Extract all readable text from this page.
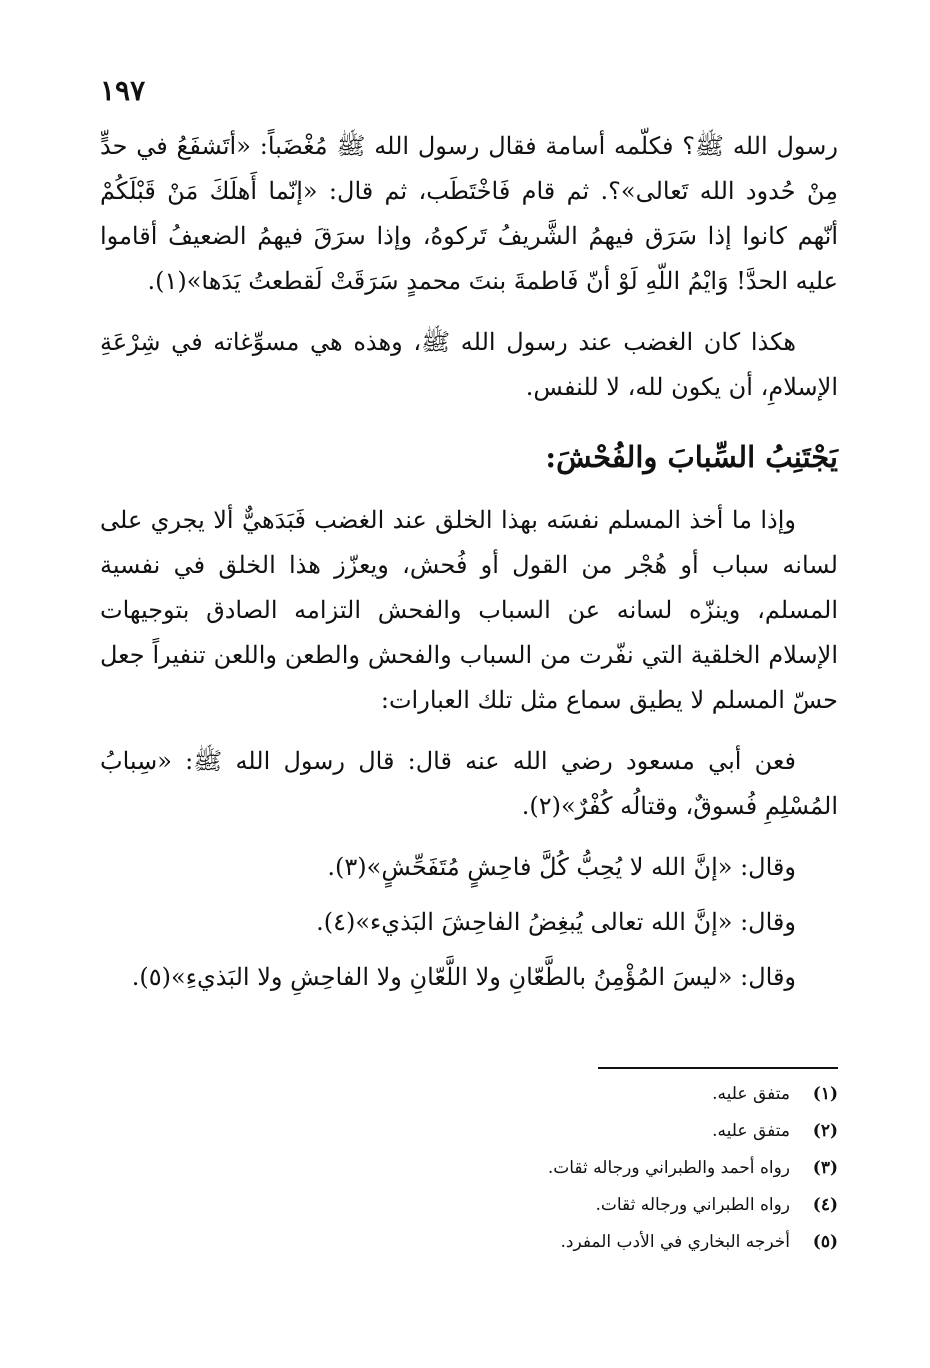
١٩٧

رسول الله ﷺ؟ فكلّمه أسامة فقال رسول الله ﷺ مُغْضَباً: «أتَشفَعُ في حدٍّ مِنْ حُدود الله تَعالى»؟. ثم قام فَاخْتَطَب، ثم قال: «إنّما أَهلَكَ مَنْ قَبْلَكُمْ أنّهم كانوا إذا سَرَق فيهمُ الشَّريفُ تَركوهُ، وإذا سرَقَ فيهمُ الضعيفُ أقاموا عليه الحدَّ! وَايْمُ اللّهِ لَوْ أنّ فَاطمةَ بنتَ محمدٍ سَرَقَتْ لَقطعتُ يَدَها»(١).

هكذا كان الغضب عند رسول الله ﷺ، وهذه هي مسوِّغاته في شِرْعَةِ الإسلامِ، أن يكون لله، لا للنفس.

يَجْتَنِبُ السِّبابَ والفُحْشَ:

وإذا ما أخذ المسلم نفسَه بهذا الخلق عند الغضب فَبَدَهيٌّ ألا يجري على لسانه سباب أو هُجْر من القول أو فُحش، ويعزّز هذا الخلق في نفسية المسلم، وينزّه لسانه عن السباب والفحش التزامه الصادق بتوجيهات الإسلام الخلقية التي نفّرت من السباب والفحش والطعن واللعن تنفيراً جعل حسّ المسلم لا يطيق سماع مثل تلك العبارات:

فعن أبي مسعود رضي الله عنه قال: قال رسول الله ﷺ: «سِبابُ المُسْلِمِ فُسوقٌ، وقتالُه كُفْرٌ»(٢).

وقال: «إنَّ الله لا يُحِبُّ كُلَّ فاحِشٍ مُتَفَحِّشٍ»(٣).

وقال: «إنَّ الله تعالى يُبغِضُ الفاحِشَ البَذيء»(٤).

وقال: «ليسَ المُؤْمِنُ بالطَّعّانِ ولا اللَّعّانِ ولا الفاحِشِ ولا البَذيءِ»(٥).

(١)
متفق عليه.
(٢)
متفق عليه.
(٣)
رواه أحمد والطبراني ورجاله ثقات.
(٤)
رواه الطبراني ورجاله ثقات.
(٥)
أخرجه البخاري في الأدب المفرد.
